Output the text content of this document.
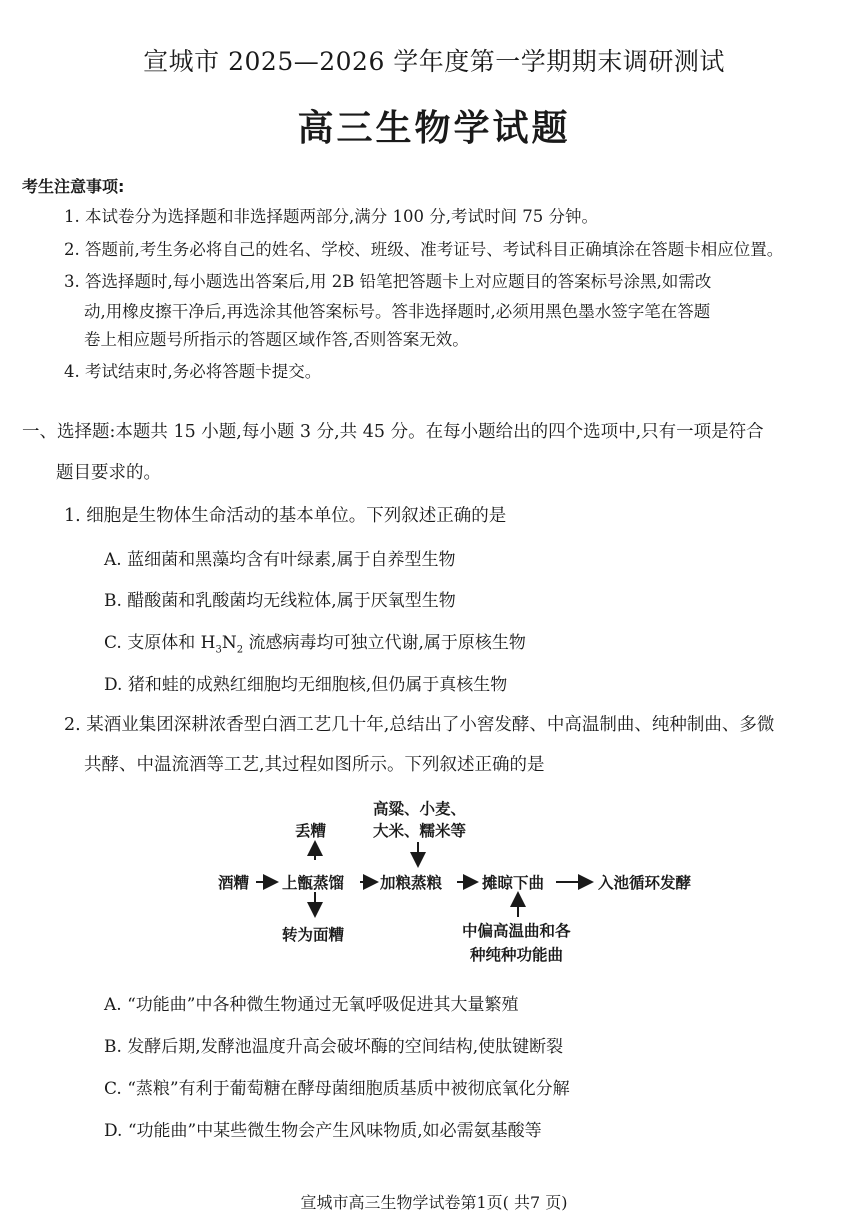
宣城市 2025—2026 学年度第一学期期末调研测试
高三生物学试题
考生注意事项:
1. 本试卷分为选择题和非选择题两部分,满分 100 分,考试时间 75 分钟。
2. 答题前,考生务必将自己的姓名、学校、班级、准考证号、考试科目正确填涂在答题卡相应位置。
3. 答选择题时,每小题选出答案后,用 2B 铅笔把答题卡上对应题目的答案标号涂黑,如需改
动,用橡皮擦干净后,再选涂其他答案标号。答非选择题时,必须用黑色墨水签字笔在答题
卷上相应题号所指示的答题区域作答,否则答案无效。
4. 考试结束时,务必将答题卡提交。
一、选择题:本题共 15 小题,每小题 3 分,共 45 分。在每小题给出的四个选项中,只有一项是符合
题目要求的。
1. 细胞是生物体生命活动的基本单位。下列叙述正确的是
A. 蓝细菌和黑藻均含有叶绿素,属于自养型生物
B. 醋酸菌和乳酸菌均无线粒体,属于厌氧型生物
C. 支原体和 $H_3N_2$ 流感病毒均可独立代谢,属于原核生物
D. 猪和蛙的成熟红细胞均无细胞核,但仍属于真核生物
2. 某酒业集团深耕浓香型白酒工艺几十年,总结出了小窖发酵、中高温制曲、纯种制曲、多微
共酵、中温流酒等工艺,其过程如图所示。下列叙述正确的是
丢糟
高粱、小麦、
大米、糯米等
酒糟 上甑蒸馏 加粮蒸粮	摊晾下曲	入池循环发酵
转为面糟	中偏高温曲和各
种纯种功能曲
A. “功能曲”中各种微生物通过无氧呼吸促进其大量繁殖
B. 发酵后期,发酵池温度升高会破坏酶的空间结构,使肽键断裂
C. “蒸粮”有利于葡萄糖在酵母菌细胞质基质中被彻底氧化分解
D. “功能曲”中某些微生物会产生风味物质,如必需氨基酸等
宣城市高三生物学试卷第1页( 共7 页)
